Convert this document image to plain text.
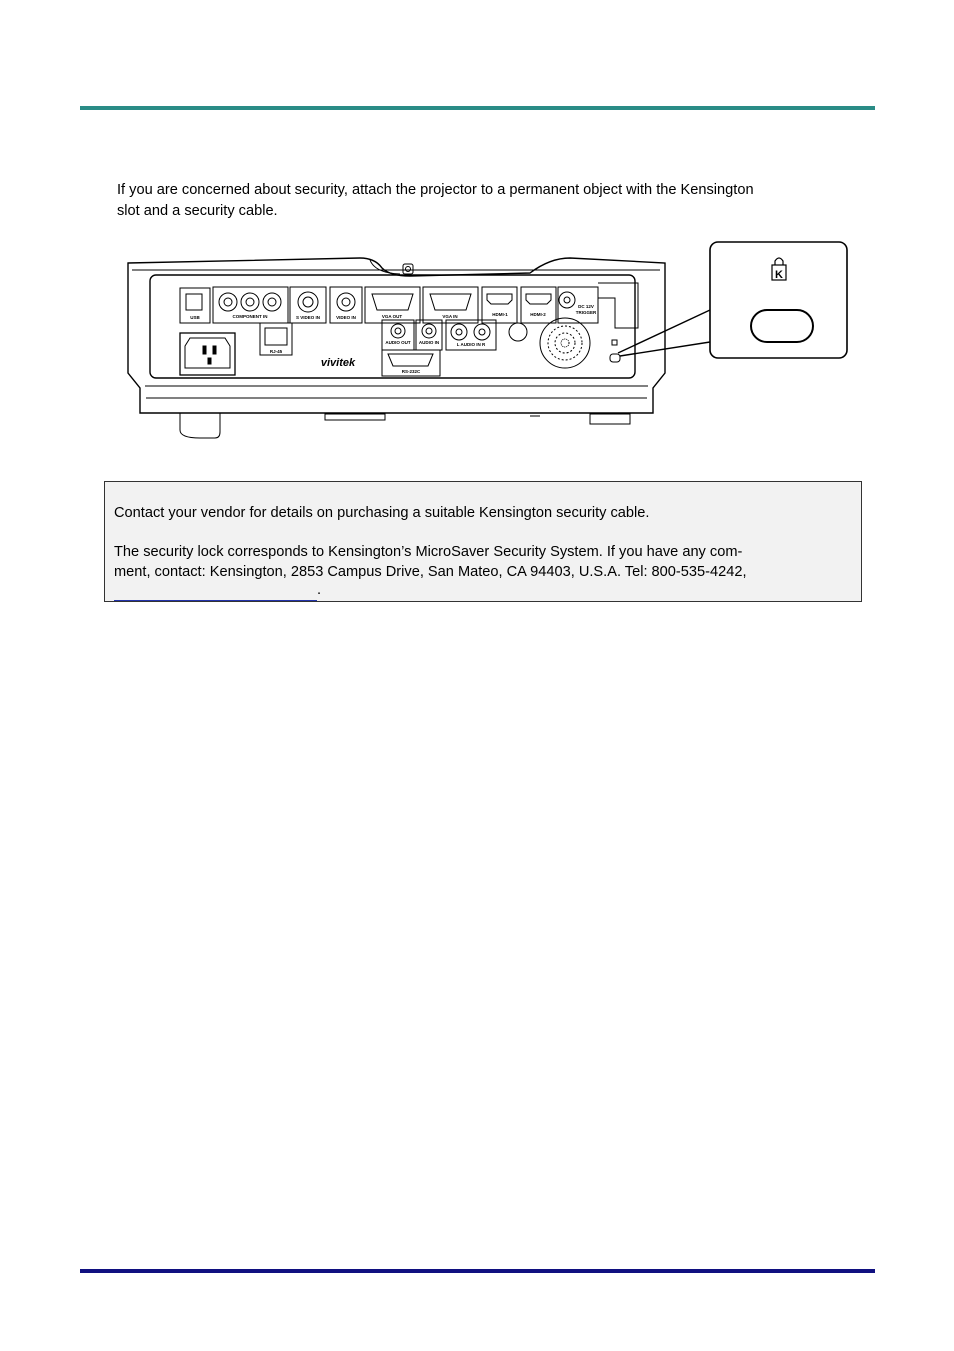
If you are concerned about security, attach the projector to a permanent object with the Kensington
slot and a security cable.

USB	COMPONENT IN	S VIDEO IN	VIDEO IN	VGA OUT	VGA IN	HDMI-1	HDMI-2
DC 12V
TRIGGER
RJ-45
AUDIO OUT AUDIO IN	L AUDIO IN R
RS-232C
vivitek
K

Contact your vendor for details on purchasing a suitable Kensington security cable.

The security lock corresponds to Kensington’s MicroSaver Security System. If you have any com-

ment, contact: Kensington, 2853 Campus Drive, San Mateo, CA 94403, U.S.A. Tel: 800-535-4242,

.
